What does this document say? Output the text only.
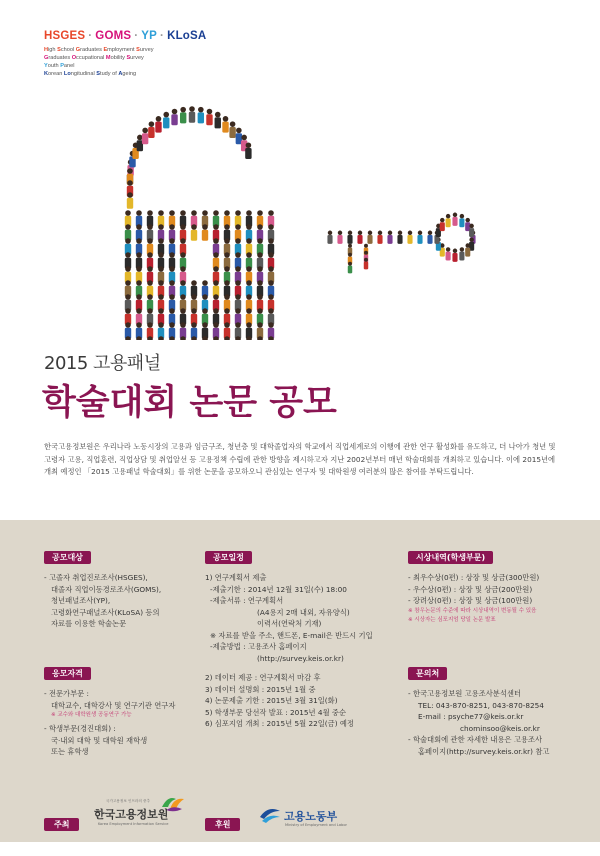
HSGES · GOMS · YP · KLoSA
High School Graduates Employment Survey
Graduates Occupational Mobility Survey
Youth Panel
Korean Longitudinal Study of Ageing
2015 고용패널
학술대회 논문 공모
한국고용정보원은 우리나라 노동시장의 고용과 임금구조, 청년층 및 대학졸업자의 학교에서 직업세계로의 이행에 관한 연구 활성화를 유도하고, 더 나아가 청년 및 고령자 고용, 직업훈련, 직업상담 및 취업알선 등 고용정책 수립에 관한 방향을 제시하고자 지난 2002년부터 매년 학술대회를 개최하고 있습니다. 이에 2015년에 개최 예정인 「2015 고용패널 학술대회」를 위한 논문을 공모하오니 관심있는 연구자 및 대학원생 여러분의 많은 참여를 부탁드립니다.
공모대상
- 고졸자 취업진로조사(HSGES),
대졸자 직업이동경로조사(GOMS),
청년패널조사(YP),
고령화연구패널조사(KLoSA) 등의
자료를 이용한 학술논문
응모자격
- 전문가부문 :
대학교수, 대학강사 및 연구기관 연구자
※ 교수와 대학원생 공동연구 가능
- 학생부문(경진대회) :
국·내외 대학 및 대학원 재학생
또는 휴학생
공모일정
1) 연구계획서 제출
-제출기한 : 2014년 12월 31일(수) 18:00
-제출서류 : 연구계획서
(A4용지 2매 내외, 자유양식)
이력서(연락처 기재)
※ 자료를 받을 주소, 핸드폰, E-mail은 반드시 기입
-제출방법 : 고용조사 홈페이지
(http://survey.keis.or.kr)
2) 데이터 제공 : 연구계획서 마감 후
3) 데이터 설명회 : 2015년 1월 중
4) 논문제출 기한 : 2015년 3월 31일(화)
5) 학생부문 당선작 발표 : 2015년 4월 중순
6) 심포지엄 개최 : 2015년 5월 22일(금) 예정
시상내역(학생부문)
- 최우수상(0편) : 상장 및 상금(300만원)
- 우수상(0편) : 상장 및 상금(200만원)
- 장려상(0편) : 상장 및 상금(100만원)
※ 참우논문의 수준에 따라 시상내역이 변동될 수 있음
※ 시상자는 심포지엄 당일 논문 발표
문의처
- 한국고용정보원 고용조사분석센터
TEL: 043-870-8251, 043-870-8254
E-mail : psyche77@keis.or.kr
chominsoo@keis.or.kr
- 학술대회에 관한 자세한 내용은 고용조사
홈페이지(http://survey.keis.or.kr) 참고
주최
국가고용정보 인프라의 중추
한국고용정보원
Korea Employment Information Service	후원
고용노동부
Ministry of Employment and Labor
